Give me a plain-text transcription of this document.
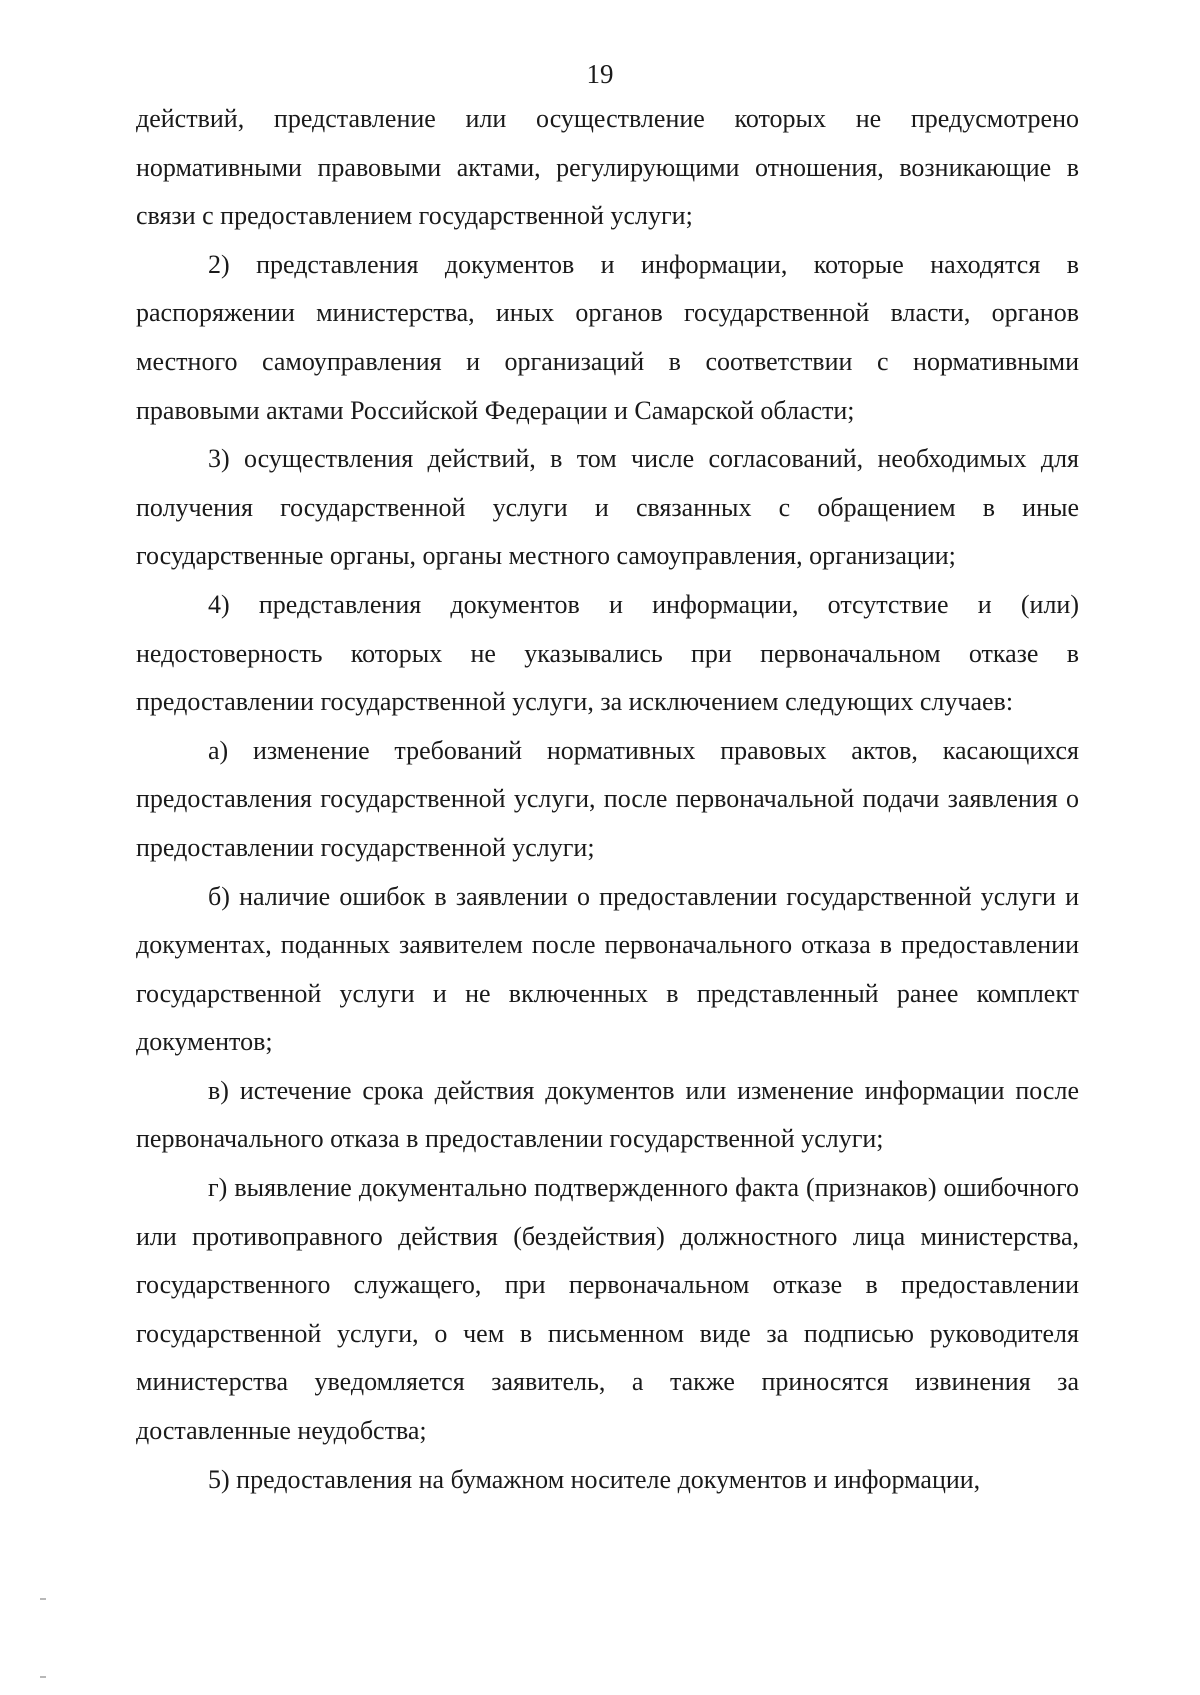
19

действий, представление или осуществление которых не предусмотрено нормативными правовыми актами, регулирующими отношения, возникающие в связи с предоставлением государственной услуги;

2) представления документов и информации, которые находятся в распоряжении министерства, иных органов государственной власти, органов местного самоуправления и организаций в соответствии с нормативными правовыми актами Российской Федерации и Самарской области;

3) осуществления действий, в том числе согласований, необходимых для получения государственной услуги и связанных с обращением в иные государственные органы, органы местного самоуправления, организации;

4) представления документов и информации, отсутствие и (или) недостоверность которых не указывались при первоначальном отказе в предоставлении государственной услуги, за исключением следующих случаев:

а) изменение требований нормативных правовых актов, касающихся предоставления государственной услуги, после первоначальной подачи заявления о предоставлении государственной услуги;

б) наличие ошибок в заявлении о предоставлении государственной услуги и документах, поданных заявителем после первоначального отказа в предоставлении государственной услуги и не включенных в представленный ранее комплект документов;

в) истечение срока действия документов или изменение информации после первоначального отказа в предоставлении государственной услуги;

г) выявление документально подтвержденного факта (признаков) ошибочного или противоправного действия (бездействия) должностного лица министерства, государственного служащего, при первоначальном отказе в предоставлении государственной услуги, о чем в письменном виде за подписью руководителя министерства уведомляется заявитель, а также приносятся извинения за доставленные неудобства;

5) предоставления на бумажном носителе документов и информации,
